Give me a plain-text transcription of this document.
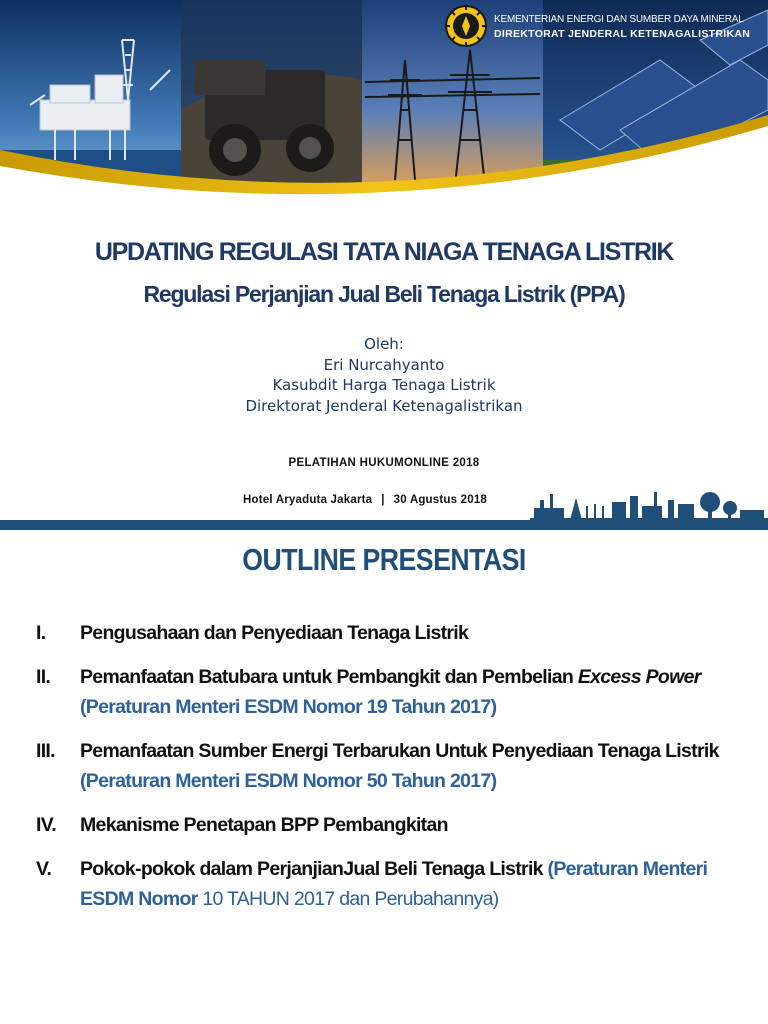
KEMENTERIAN ENERGI DAN SUMBER DAYA MINERAL
DIREKTORAT JENDERAL KETENAGALISTRIKAN
UPDATING REGULASI TATA NIAGA TENAGA LISTRIK
Regulasi Perjanjian Jual Beli Tenaga Listrik (PPA)
Oleh:
Eri Nurcahyanto
Kasubdit Harga Tenaga Listrik
Direktorat Jenderal Ketenagalistrikan
PELATIHAN HUKUMONLINE 2018
Hotel Aryaduta Jakarta | 30 Agustus 2018
OUTLINE PRESENTASI
I. Pengusahaan dan Penyediaan Tenaga Listrik
II. Pemanfaatan Batubara untuk Pembangkit dan Pembelian Excess Power (Peraturan Menteri ESDM Nomor 19 Tahun 2017)
III. Pemanfaatan Sumber Energi Terbarukan Untuk Penyediaan Tenaga Listrik (Peraturan Menteri ESDM Nomor 50 Tahun 2017)
IV. Mekanisme Penetapan BPP Pembangkitan
V. Pokok-pokok dalam PerjanjianJual Beli Tenaga Listrik (Peraturan Menteri ESDM Nomor 10 TAHUN 2017 dan Perubahannya)
